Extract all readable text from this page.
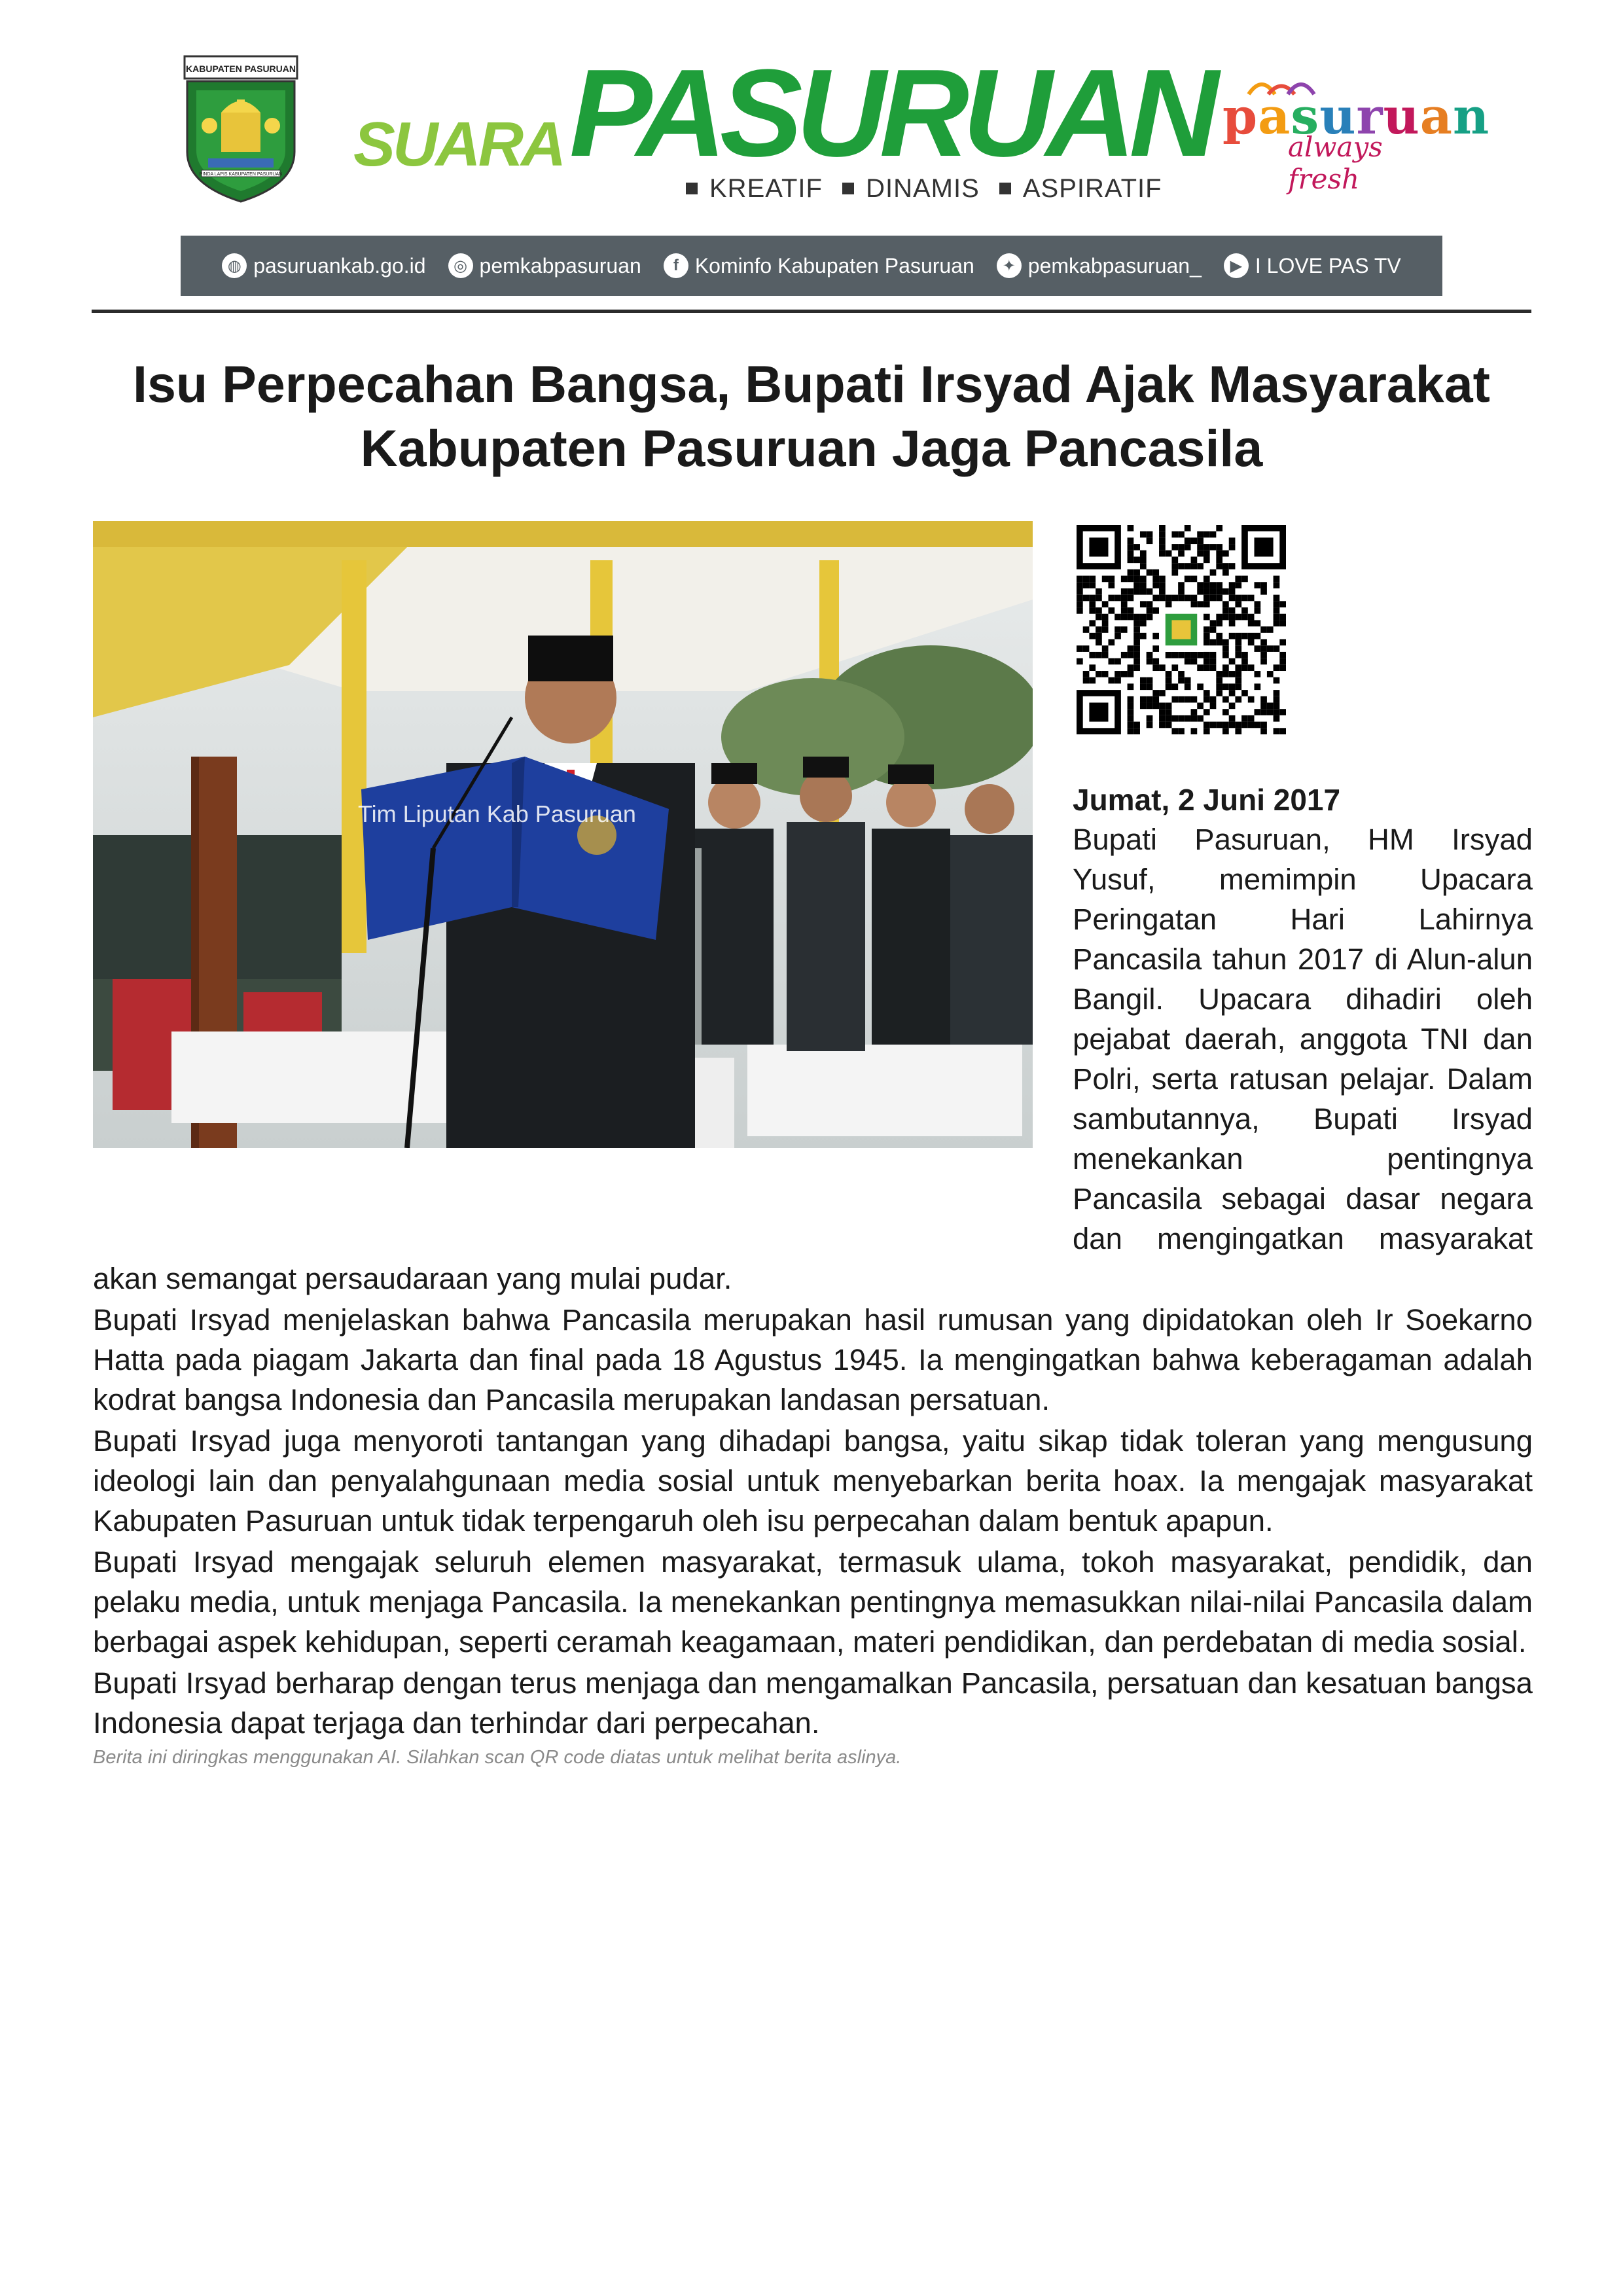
KABUPATEN PASURUAN
PINDA LAPIS KABUPATEN PASURUAN SUARA PASURUAN
KREATIF DINAMIS ASPIRATIF
pasuruan
always fresh
◍ pasuruankab.go.id	◎ pemkabpasuruan	f Kominfo Kabupaten Pasuruan	✦ pemkabpasuruan_	▶ I LOVE PAS TV
Isu Perpecahan Bangsa, Bupati Irsyad Ajak Masyarakat
Kabupaten Pasuruan Jaga Pancasila
Tim Liputan Kab Pasuruan	Jumat, 2 Juni 2017

Bupati Pasuruan, HM Irsyad Yusuf, memimpin Upacara Peringatan Hari Lahirnya Pancasila tahun 2017 di Alun-alun Bangil. Upacara dihadiri oleh pejabat daerah, anggota TNI dan Polri, serta ratusan pelajar. Dalam sambutannya, Bupati Irsyad menekankan pentingnya Pancasila sebagai dasar negara dan mengingatkan masyarakat akan semangat persaudaraan yang mulai pudar.

Bupati Irsyad menjelaskan bahwa Pancasila merupakan hasil rumusan yang dipidatokan oleh Ir Soekarno Hatta pada piagam Jakarta dan final pada 18 Agustus 1945. Ia mengingatkan bahwa keberagaman adalah kodrat bangsa Indonesia dan Pancasila merupakan landasan persatuan.

Bupati Irsyad juga menyoroti tantangan yang dihadapi bangsa, yaitu sikap tidak toleran yang mengusung ideologi lain dan penyalahgunaan media sosial untuk menyebarkan berita hoax. Ia mengajak masyarakat Kabupaten Pasuruan untuk tidak terpengaruh oleh isu perpecahan dalam bentuk apapun.

Bupati Irsyad mengajak seluruh elemen masyarakat, termasuk ulama, tokoh masyarakat, pendidik, dan pelaku media, untuk menjaga Pancasila. Ia menekankan pentingnya memasukkan nilai-nilai Pancasila dalam berbagai aspek kehidupan, seperti ceramah keagamaan, materi pendidikan, dan perdebatan di media sosial.

Bupati Irsyad berharap dengan terus menjaga dan mengamalkan Pancasila, persatuan dan kesatuan bangsa Indonesia dapat terjaga dan terhindar dari perpecahan.

Berita ini diringkas menggunakan AI. Silahkan scan QR code diatas untuk melihat berita aslinya.
